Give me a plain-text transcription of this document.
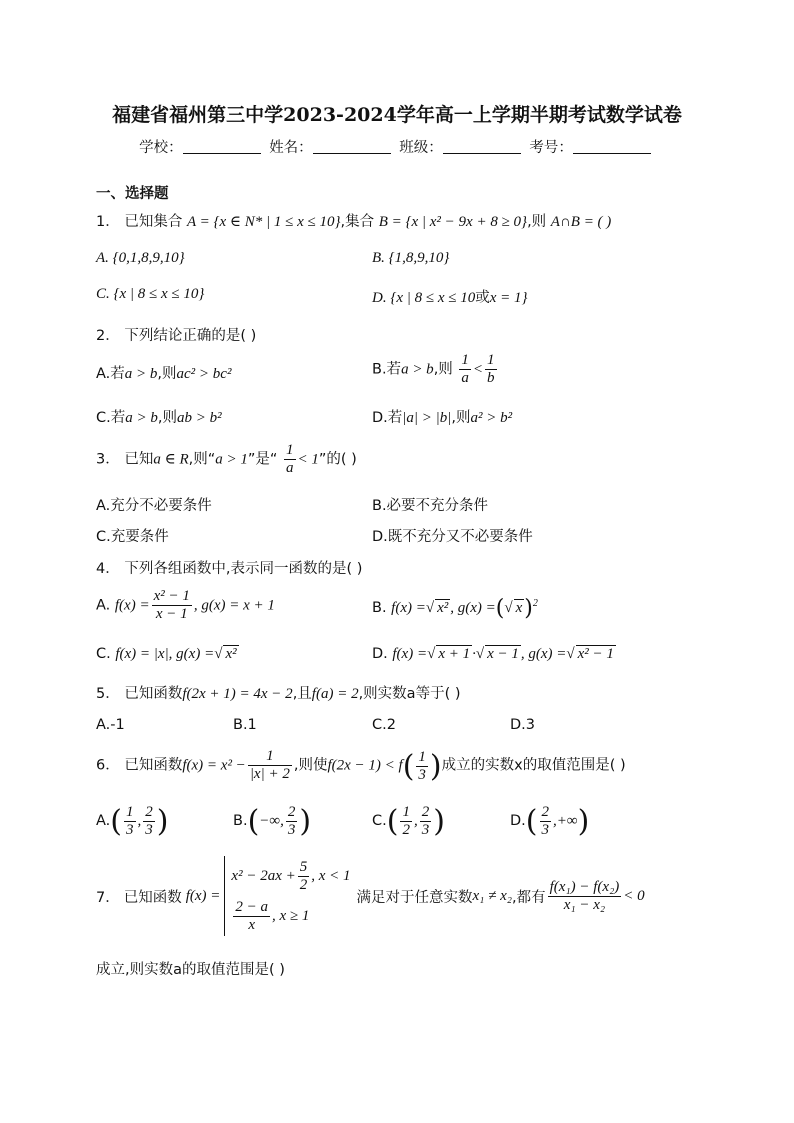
福建省福州第三中学2023-2024学年高一上学期半期考试数学试卷
学校：	姓名：	班级：	考号：
一、选择题
1． 已知集合 A = {x ∈ N* | 1 ≤ x ≤ 10},集合 B = {x | x² − 9x + 8 ≥ 0},则 A∩B = ( )
A. {0,1,8,9,10}	B. {1,8,9,10}
C. {x | 8 ≤ x ≤ 10}	D. {x | 8 ≤ x ≤ 10或x = 1}
2． 下列结论正确的是( )
A.若a > b,则ac² > bc²	B.若a > b,则 $\frac{1}{a} < \frac{1}{b}$
C.若a > b,则ab > b²	D.若|a| > |b|,则a² > b²
3． 已知a ∈ R,则“a > 1”是“ $\frac{1}{a} < 1$”的( )
A.充分不必要条件	B.必要不充分条件
C.充要条件	D.既不充分又不必要条件
4． 下列各组函数中,表示同一函数的是( )
A. $f(x) = \frac{\text{x² − 1}}{x - 1}$ , g(x) = x + 1	B. f(x) =√ x² , g(x) =(√ x)$^2$
C. f(x) = |x|, g(x) =√ x²	D. f(x) =√ x + 1 ·√ x − 1 , g(x) =√ x² − 1
5． 已知函数f(2x + 1) = 4x − 2,且f(a) = 2,则实数a等于( )
A.-1	B.1	C.2	D.3
6． 已知函数$f(x) = x^2 - \frac{1}{|x| + 2}$ ,则使$f(2x - 1) < f( \frac{1}{3}$ )成立的实数x的取值范围是( )
$A.( \frac{1}{3}$ , $\frac{2}{3}$ )	B.(−∞, $\frac{2}{3}$ )	$C.( \frac{1}{2}$ , $\frac{2}{3}$ )	$D.( \frac{2}{3}$ ,+∞)
7． 已知函数 f(x) =
$x^2 - 2ax + \frac{5}{2}$ , x < 1
$\frac{2 - a}{x}$ , x ≥ 1
满足对于任意实数 x₁ ≠ x₂ ,都有 $\frac{\text{f(x₁) − f(x₂)}}{\text{x₁ − x₂}} < 0$
成立,则实数a的取值范围是( )
